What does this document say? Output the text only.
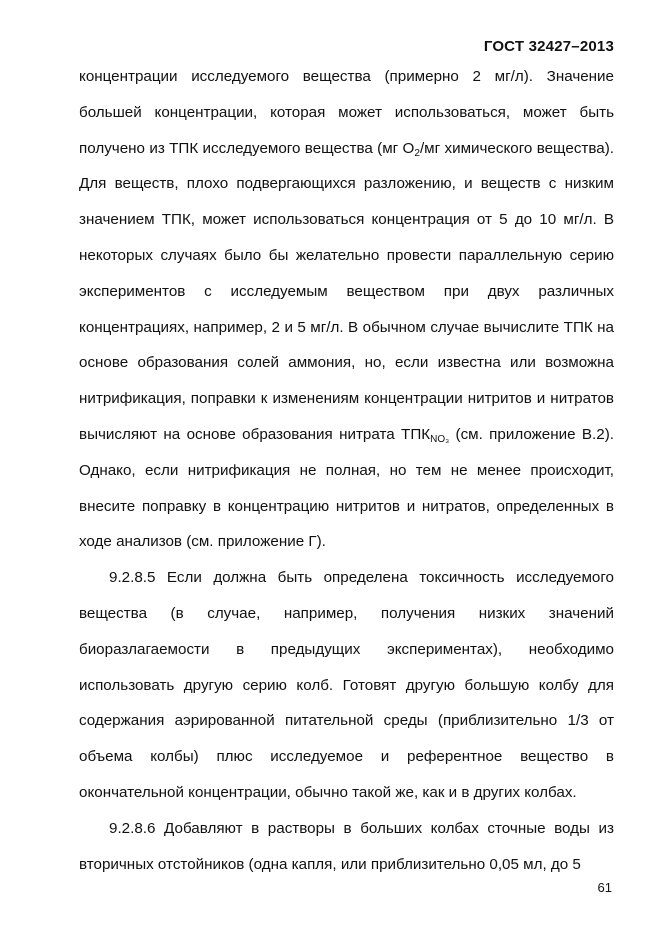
ГОСТ 32427–2013

концентрации исследуемого вещества (примерно 2 мг/л). Значение большей концентрации, которая может использоваться, может быть получено из ТПК исследуемого вещества (мг $O_2/мг$ химического вещества). Для веществ, плохо подвергающихся разложению, и веществ с низким значением ТПК, может использоваться концентрация от 5 до 10 мг/л. В некоторых случаях было бы желательно провести параллельную серию экспериментов с исследуемым веществом при двух различных концентрациях, например, 2 и 5 мг/л. В обычном случае вычислите ТПК на основе образования солей аммония, но, если известна или возможна нитрификация, поправки к изменениям концентрации нитритов и нитратов вычисляют на основе образования нитрата $ТПК_{NO_3}$ (см. приложение В.2). Однако, если нитрификация не полная, но тем не менее происходит, внесите поправку в концентрацию нитритов и нитратов, определенных в ходе анализов (см. приложение Г).

9.2.8.5 Если должна быть определена токсичность исследуемого вещества (в случае, например, получения низких значений биоразлагаемости в предыдущих экспериментах), необходимо использовать другую серию колб. Готовят другую большую колбу для содержания аэрированной питательной среды (приблизительно 1/3 от объема колбы) плюс исследуемое и референтное вещество в окончательной концентрации, обычно такой же, как и в других колбах.

9.2.8.6 Добавляют в растворы в больших колбах сточные воды из вторичных отстойников (одна капля, или приблизительно 0,05 мл, до 5

61
